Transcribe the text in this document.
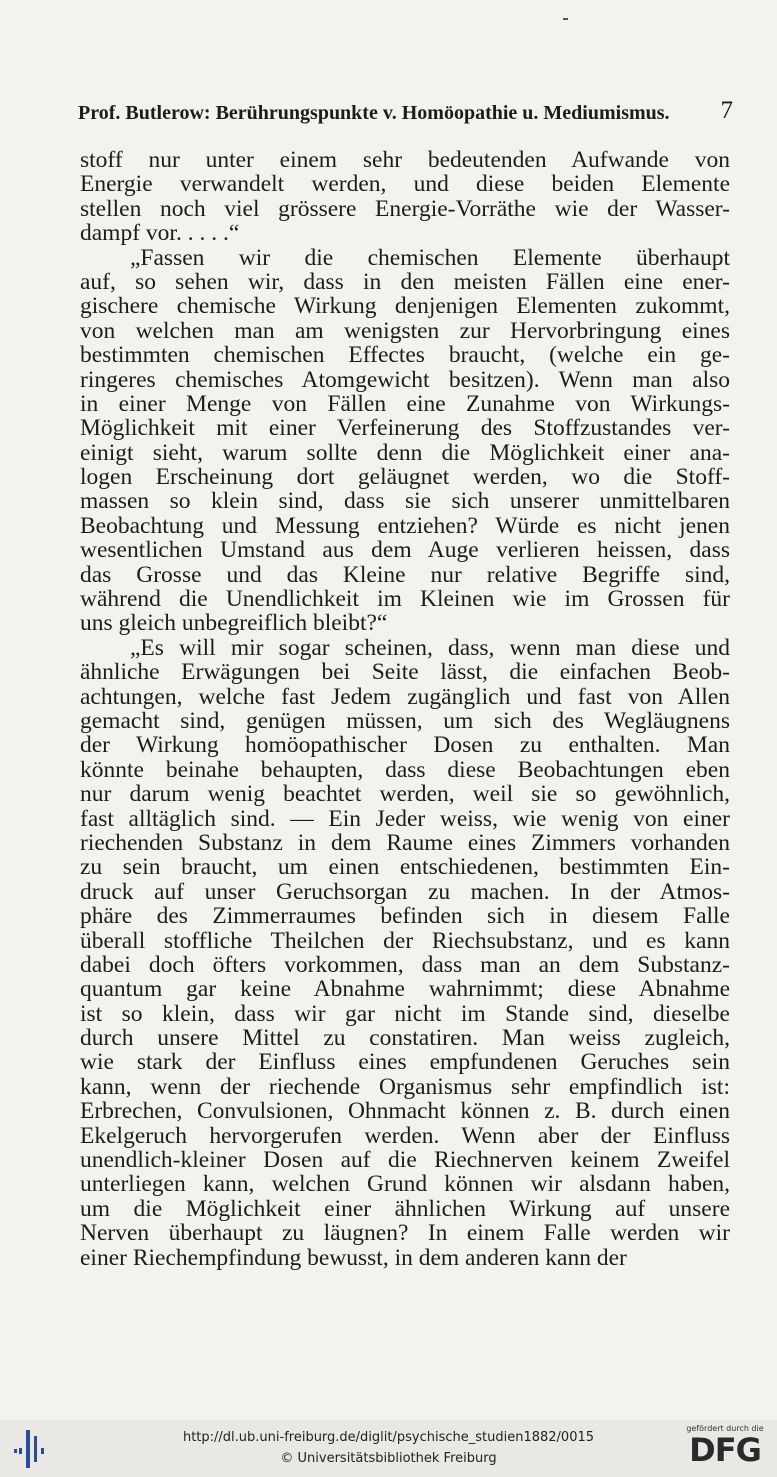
Prof. Butlerow: Berührungspunkte v. Homöopathie u. Mediumismus. 7
stoff nur unter einem sehr bedeutenden Aufwande von
Energie verwandelt werden, und diese beiden Elemente
stellen noch viel grössere Energie-Vorräthe wie der Wasser-
dampf vor. . . . .“
„Fassen wir die chemischen Elemente überhaupt
auf, so sehen wir, dass in den meisten Fällen eine ener-
gischere chemische Wirkung denjenigen Elementen zukommt,
von welchen man am wenigsten zur Hervorbringung eines
bestimmten chemischen Effectes braucht, (welche ein ge-
ringeres chemisches Atomgewicht besitzen). Wenn man also
in einer Menge von Fällen eine Zunahme von Wirkungs-
Möglichkeit mit einer Verfeinerung des Stoffzustandes ver-
einigt sieht, warum sollte denn die Möglichkeit einer ana-
logen Erscheinung dort geläugnet werden, wo die Stoff-
massen so klein sind, dass sie sich unserer unmittelbaren
Beobachtung und Messung entziehen? Würde es nicht jenen
wesentlichen Umstand aus dem Auge verlieren heissen, dass
das Grosse und das Kleine nur relative Begriffe sind,
während die Unendlichkeit im Kleinen wie im Grossen für
uns gleich unbegreiflich bleibt?“
„Es will mir sogar scheinen, dass, wenn man diese und
ähnliche Erwägungen bei Seite lässt, die einfachen Beob-
achtungen, welche fast Jedem zugänglich und fast von Allen
gemacht sind, genügen müssen, um sich des Wegläugnens
der Wirkung homöopathischer Dosen zu enthalten. Man
könnte beinahe behaupten, dass diese Beobachtungen eben
nur darum wenig beachtet werden, weil sie so gewöhnlich,
fast alltäglich sind. — Ein Jeder weiss, wie wenig von einer
riechenden Substanz in dem Raume eines Zimmers vorhanden
zu sein braucht, um einen entschiedenen, bestimmten Ein-
druck auf unser Geruchsorgan zu machen. In der Atmos-
phäre des Zimmerraumes befinden sich in diesem Falle
überall stoffliche Theilchen der Riechsubstanz, und es kann
dabei doch öfters vorkommen, dass man an dem Substanz-
quantum gar keine Abnahme wahrnimmt; diese Abnahme
ist so klein, dass wir gar nicht im Stande sind, dieselbe
durch unsere Mittel zu constatiren. Man weiss zugleich,
wie stark der Einfluss eines empfundenen Geruches sein
kann, wenn der riechende Organismus sehr empfindlich ist:
Erbrechen, Convulsionen, Ohnmacht können z. B. durch einen
Ekelgeruch hervorgerufen werden. Wenn aber der Einfluss
unendlich-kleiner Dosen auf die Riechnerven keinem Zweifel
unterliegen kann, welchen Grund können wir alsdann haben,
um die Möglichkeit einer ähnlichen Wirkung auf unsere
Nerven überhaupt zu läugnen? In einem Falle werden wir
einer Riechempfindung bewusst, in dem anderen kann der
http://dl.ub.uni-freiburg.de/diglit/psychische_studien1882/0015
© Universitätsbibliothek Freiburg
gefördert durch die
DFG
